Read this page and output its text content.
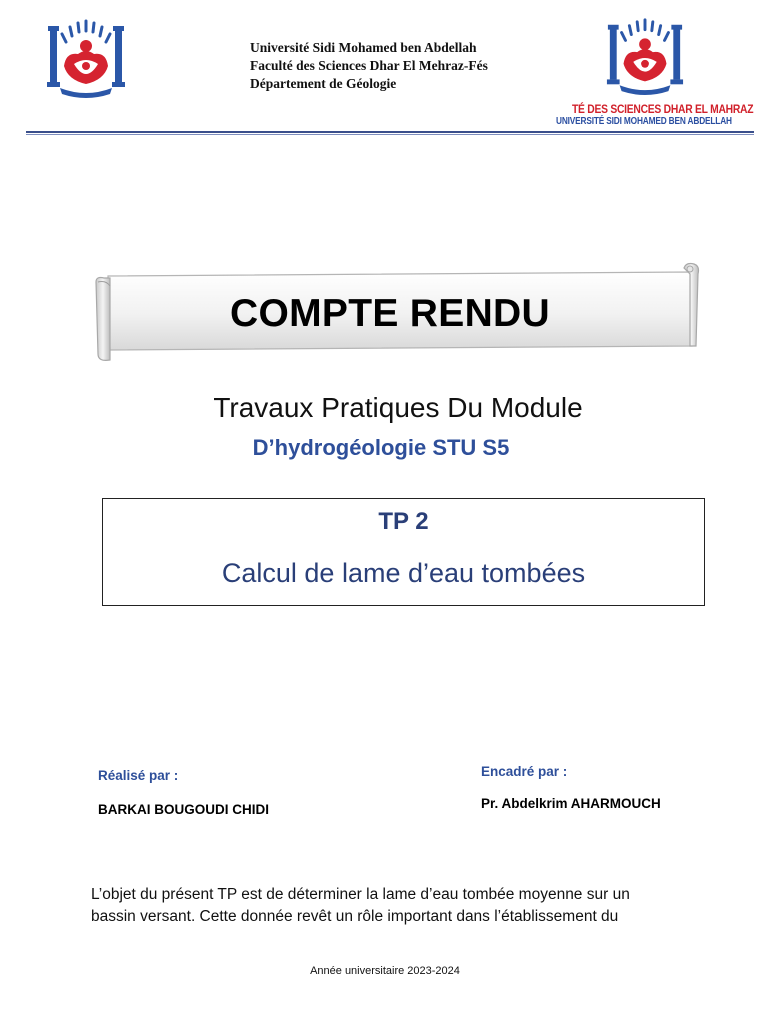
Université Sidi Mohamed ben Abdellah
Faculté des Sciences Dhar El Mehraz-Fés
Département de Géologie
TÉ DES SCIENCES DHAR EL MAHRAZ
UNIVERSITÉ SIDI MOHAMED BEN ABDELLAH
COMPTE RENDU
Travaux Pratiques Du Module
D’hydrogéologie STU S5
TP 2
Calcul de lame d’eau tombées
Réalisé par :
BARKAI BOUGOUDI CHIDI
Encadré par :
Pr. Abdelkrim AHARMOUCH
L’objet du présent TP est de déterminer la lame d’eau tombée moyenne sur un
bassin versant. Cette donnée revêt un rôle important dans l’établissement du
Année universitaire 2023-2024
